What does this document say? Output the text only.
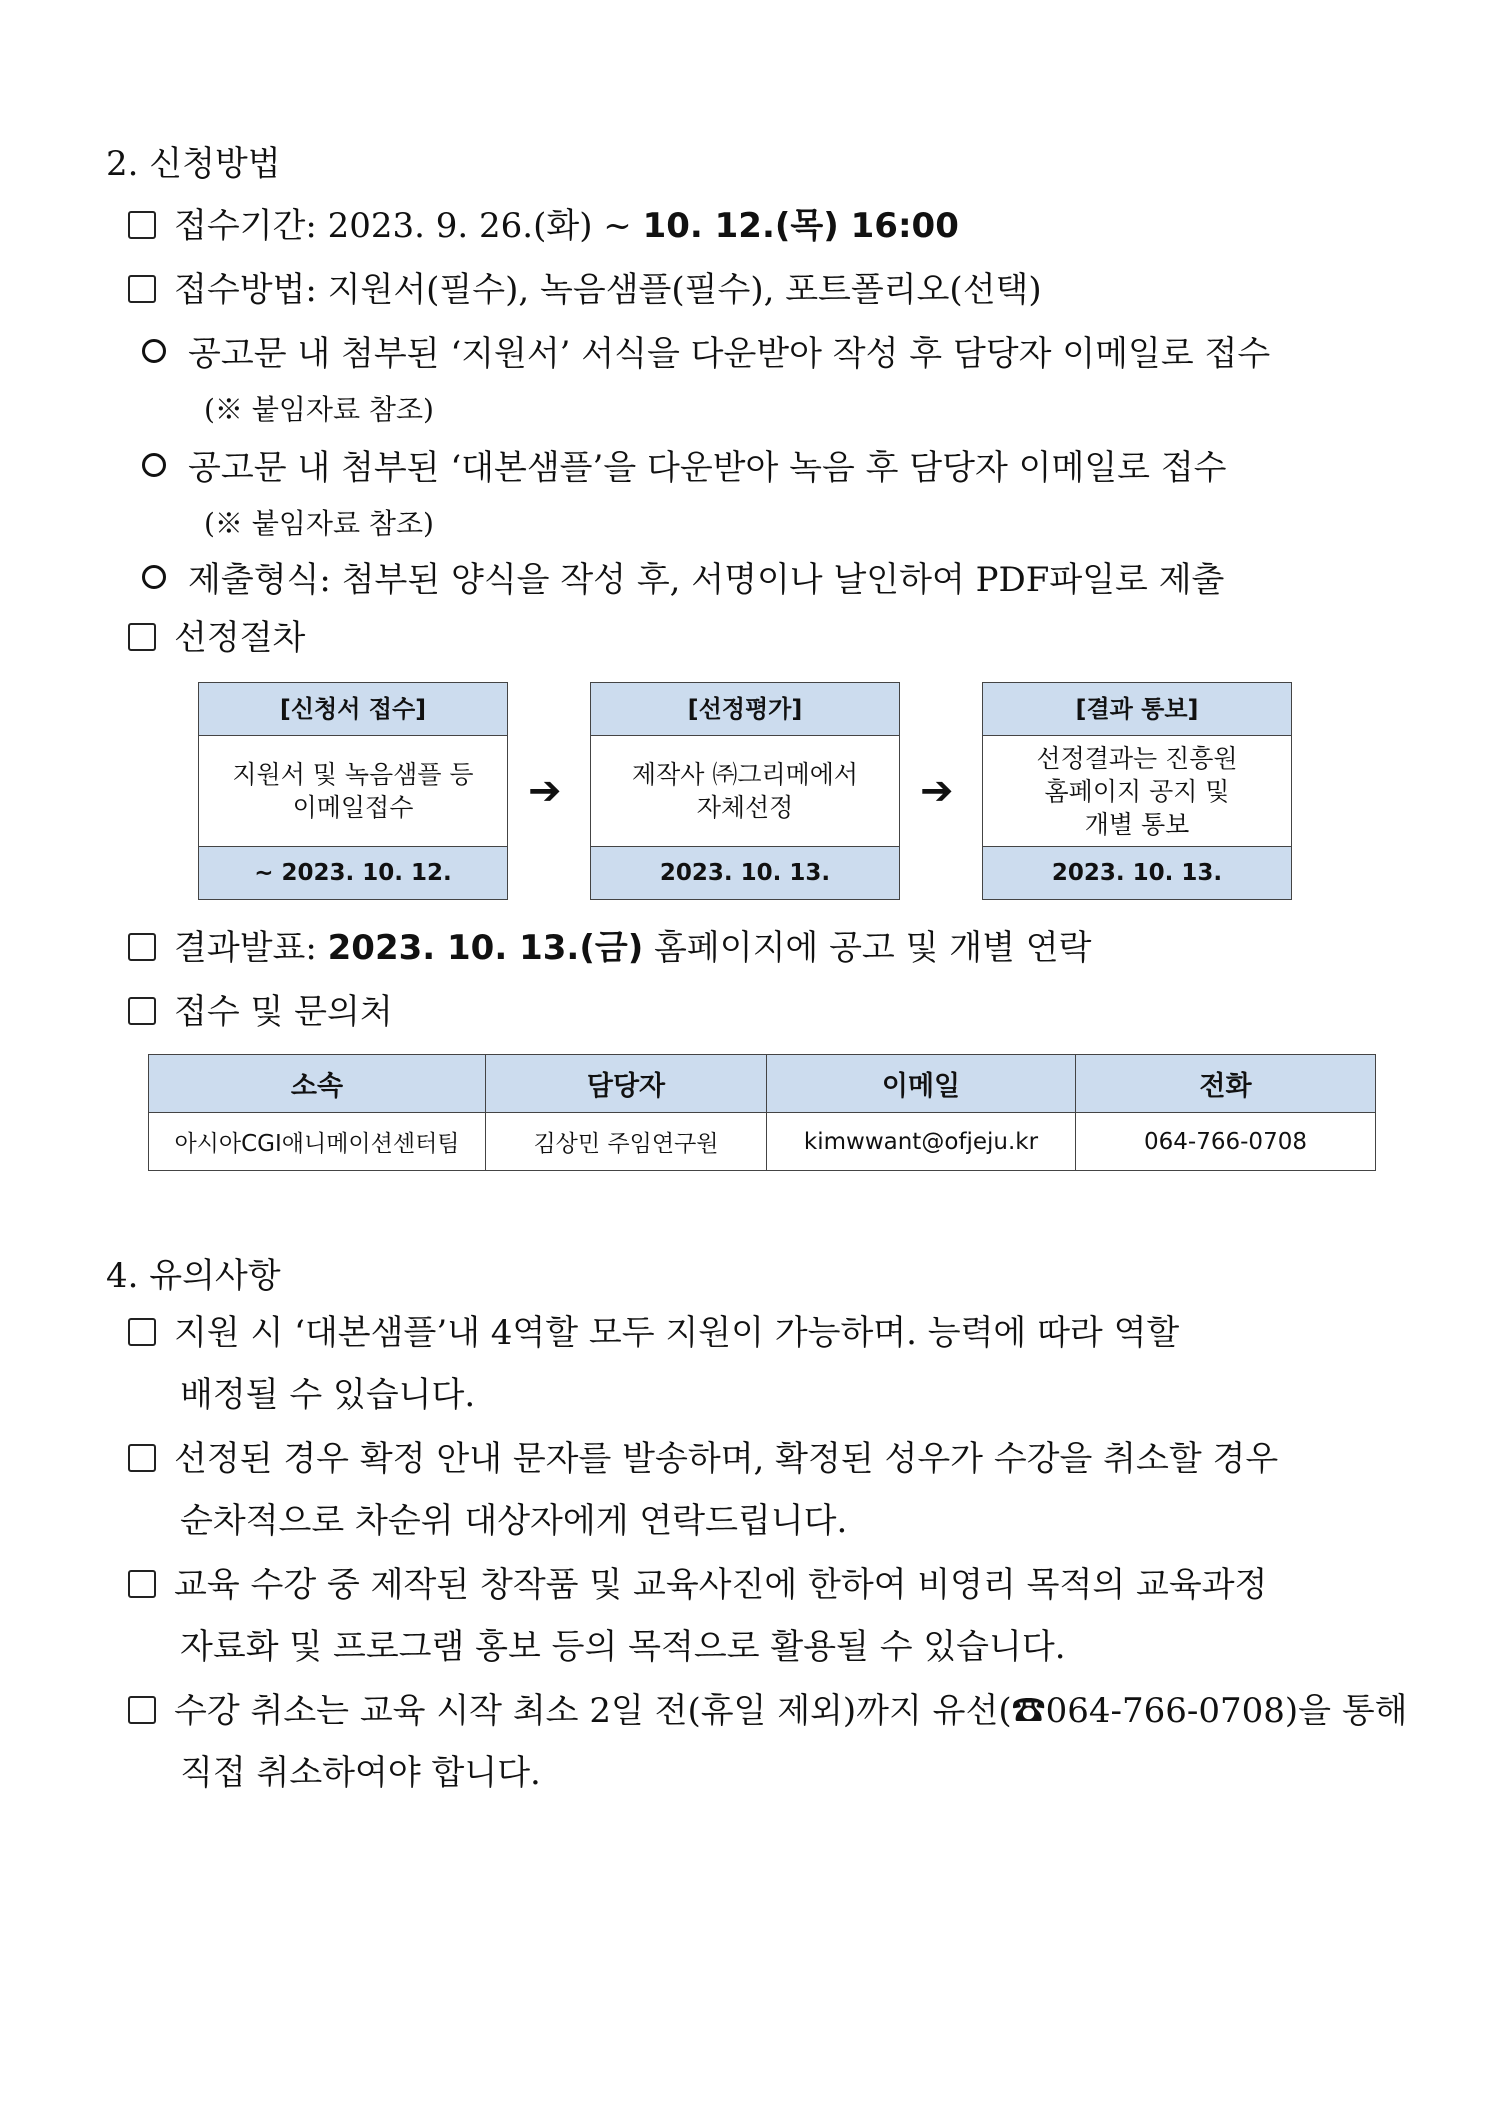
2. 신청방법
접수기간: 2023. 9. 26.(화) ~ 10. 12.(목) 16:00
접수방법: 지원서(필수), 녹음샘플(필수), 포트폴리오(선택)
공고문 내 첨부된 ‘지원서’ 서식을 다운받아 작성 후 담당자 이메일로 접수
(※ 붙임자료 참조)
공고문 내 첨부된 ‘대본샘플’을 다운받아 녹음 후 담당자 이메일로 접수
(※ 붙임자료 참조)
제출형식: 첨부된 양식을 작성 후, 서명이나 날인하여 PDF파일로 제출
선정절차
[신청서 접수]
지원서 및 녹음샘플 등
이메일접수
~ 2023. 10. 12.
➔
[선정평가]
제작사 ㈜그리메에서
자체선정
2023. 10. 13.
➔
[결과 통보]
선정결과는 진흥원
홈페이지 공지 및
개별 통보
2023. 10. 13.
결과발표: 2023. 10. 13.(금) 홈페이지에 공고 및 개별 연락
접수 및 문의처
소속	담당자	이메일	전화
아시아CGI애니메이션센터팀	김상민 주임연구원	kimwwant@ofjeju.kr	064-766-0708
4. 유의사항
지원 시 ‘대본샘플’내 4역할 모두 지원이 가능하며. 능력에 따라 역할
배정될 수 있습니다.
선정된 경우 확정 안내 문자를 발송하며, 확정된 성우가 수강을 취소할 경우
순차적으로 차순위 대상자에게 연락드립니다.
교육 수강 중 제작된 창작품 및 교육사진에 한하여 비영리 목적의 교육과정
자료화 및 프로그램 홍보 등의 목적으로 활용될 수 있습니다.
수강 취소는 교육 시작 최소 2일 전(휴일 제외)까지 유선(☎064-766-0708)을 통해
직접 취소하여야 합니다.
